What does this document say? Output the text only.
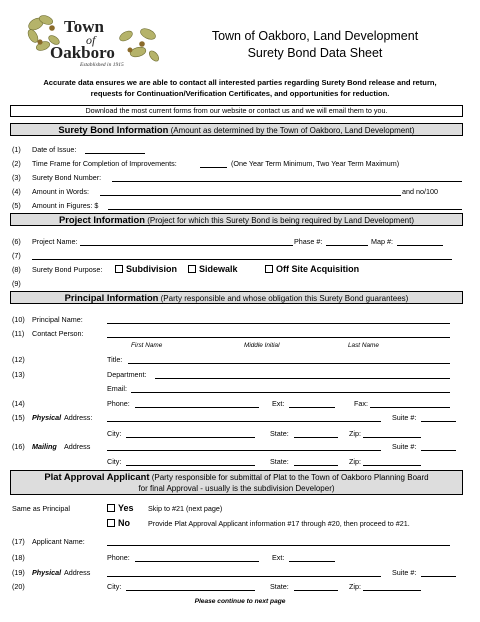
Town
of
Oakboro
Established in 1915
Town of Oakboro, Land Development
Surety Bond Data Sheet
Accurate data ensures we are able to contact all interested parties regarding Surety Bond release and return,
requests for Continuation/Verification Certificates, and opportunities for reduction.
Download the most current forms from our website or contact us and we will email them to you.
Surety Bond Information (Amount as determined by the Town of Oakboro, Land Development)
(1) Date of Issue:
(2) Time Frame for Completion of Improvements:	(One Year Term Minimum, Two Year Term Maximum)
(3) Surety Bond Number:
(4) Amount in Words:	and no/100
(5) Amount in Figures: $
Project Information (Project for which this Surety Bond is being required by Land Development)
(6) Project Name:	Phase #:	Map #:
(7)
(8) Surety Bond Purpose:	Subdivision	Sidewalk	Off Site Acquisition
(9)
Principal Information (Party responsible and whose obligation this Surety Bond guarantees)
(10) Principal Name:
(11) Contact Person:
First Name	Middle Initial	Last Name
(12)	Title:
(13)	Department:
Email:
(14)	Phone:	Ext:	Fax:
(15) Physical Address:	Suite #:
City:	State:	Zip:
(16) Mailing Address	Suite #:
City:	State:	Zip:
Plat Approval Applicant (Party responsible for submittal of Plat to the Town of Oakboro Planning Board
for final Approval - usually is the subdivision Developer)
Same as Principal	Yes Skip to #21 (next page)
No	Provide Plat Approval Applicant information #17 through #20, then proceed to #21.
(17) Applicant Name:
(18)	Phone:	Ext:
(19) Physical Address	Suite #:
(20)	City:	State:	Zip:
Please continue to next page
